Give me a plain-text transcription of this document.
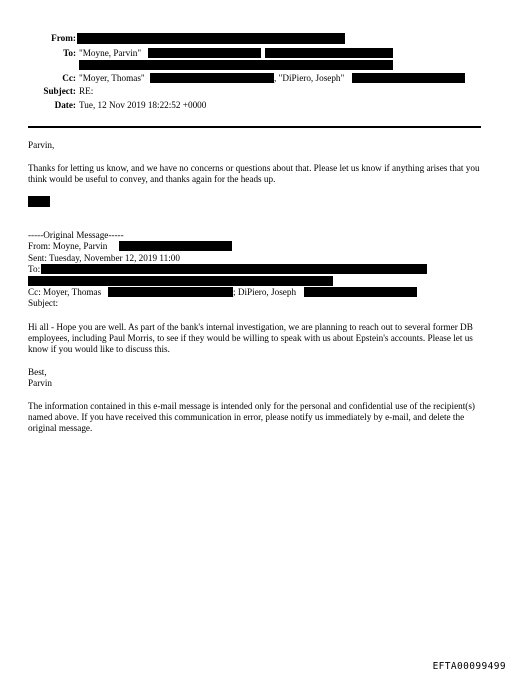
From:
To: "Moyne, Parvin"
Cc: "Moyer, Thomas"	, "DiPiero, Joseph"
Subject: RE:
Date: Tue, 12 Nov 2019 18:22:52 +0000
Parvin,
Thanks for letting us know, and we have no concerns or questions about that. Please let us know if anything arises that you think would be useful to convey, and thanks again for the heads up.
-----Original Message-----
From: Moyne, Parvin
Sent: Tuesday, November 12, 2019 11:00
To:
Cc: Moyer, Thomas	; DiPiero, Joseph
Subject:
Hi all - Hope you are well. As part of the bank's internal investigation, we are planning to reach out to several former DB employees, including Paul Morris, to see if they would be willing to speak with us about Epstein's accounts. Please let us know if you would like to discuss this.
Best,
Parvin
The information contained in this e-mail message is intended only for the personal and confidential use of the recipient(s) named above. If you have received this communication in error, please notify us immediately by e-mail, and delete the original message.
EFTA00099499
